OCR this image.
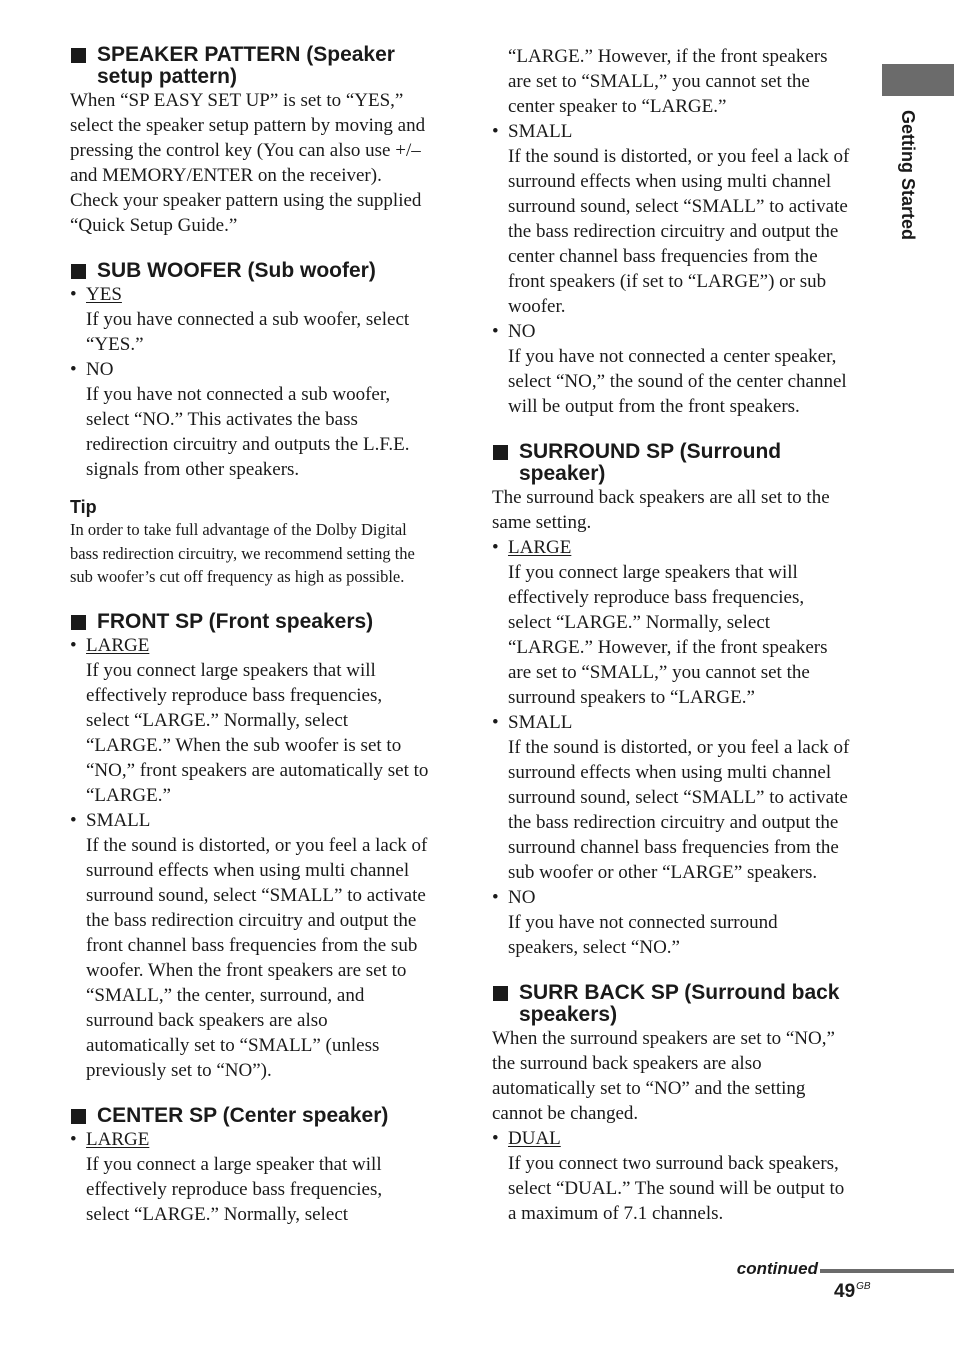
Getting Started
SPEAKER PATTERN (Speaker setup pattern)
When “SP EASY SET UP” is set to “YES,”
select the speaker setup pattern by moving and
pressing the control key (You can also use +/–
and MEMORY/ENTER on the receiver).
Check your speaker pattern using the supplied
“Quick Setup Guide.”
SUB WOOFER (Sub woofer)
• YES
If you have connected a sub woofer, select
“YES.”
• NO
If you have not connected a sub woofer,
select “NO.” This activates the bass
redirection circuitry and outputs the L.F.E.
signals from other speakers.
Tip
In order to take full advantage of the Dolby Digital
bass redirection circuitry, we recommend setting the
sub woofer’s cut off frequency as high as possible.
FRONT SP (Front speakers)
• LARGE
If you connect large speakers that will
effectively reproduce bass frequencies,
select “LARGE.” Normally, select
“LARGE.” When the sub woofer is set to
“NO,” front speakers are automatically set to
“LARGE.”
• SMALL
If the sound is distorted, or you feel a lack of
surround effects when using multi channel
surround sound, select “SMALL” to activate
the bass redirection circuitry and output the
front channel bass frequencies from the sub
woofer. When the front speakers are set to
“SMALL,” the center, surround, and
surround back speakers are also
automatically set to “SMALL” (unless
previously set to “NO”).
CENTER SP (Center speaker)
• LARGE
If you connect a large speaker that will
effectively reproduce bass frequencies,
select “LARGE.” Normally, select
“LARGE.” However, if the front speakers
are set to “SMALL,” you cannot set the
center speaker to “LARGE.”
• SMALL
If the sound is distorted, or you feel a lack of
surround effects when using multi channel
surround sound, select “SMALL” to activate
the bass redirection circuitry and output the
center channel bass frequencies from the
front speakers (if set to “LARGE”) or sub
woofer.
• NO
If you have not connected a center speaker,
select “NO,” the sound of the center channel
will be output from the front speakers.
SURROUND SP (Surround speaker)
The surround back speakers are all set to the
same setting.
• LARGE
If you connect large speakers that will
effectively reproduce bass frequencies,
select “LARGE.” Normally, select
“LARGE.” However, if the front speakers
are set to “SMALL,” you cannot set the
surround speakers to “LARGE.”
• SMALL
If the sound is distorted, or you feel a lack of
surround effects when using multi channel
surround sound, select “SMALL” to activate
the bass redirection circuitry and output the
surround channel bass frequencies from the
sub woofer or other “LARGE” speakers.
• NO
If you have not connected surround
speakers, select “NO.”
SURR BACK SP (Surround back speakers)
When the surround speakers are set to “NO,”
the surround back speakers are also
automatically set to “NO” and the setting
cannot be changed.
• DUAL
If you connect two surround back speakers,
select “DUAL.” The sound will be output to
a maximum of 7.1 channels.
continued
$49^{GB}$
